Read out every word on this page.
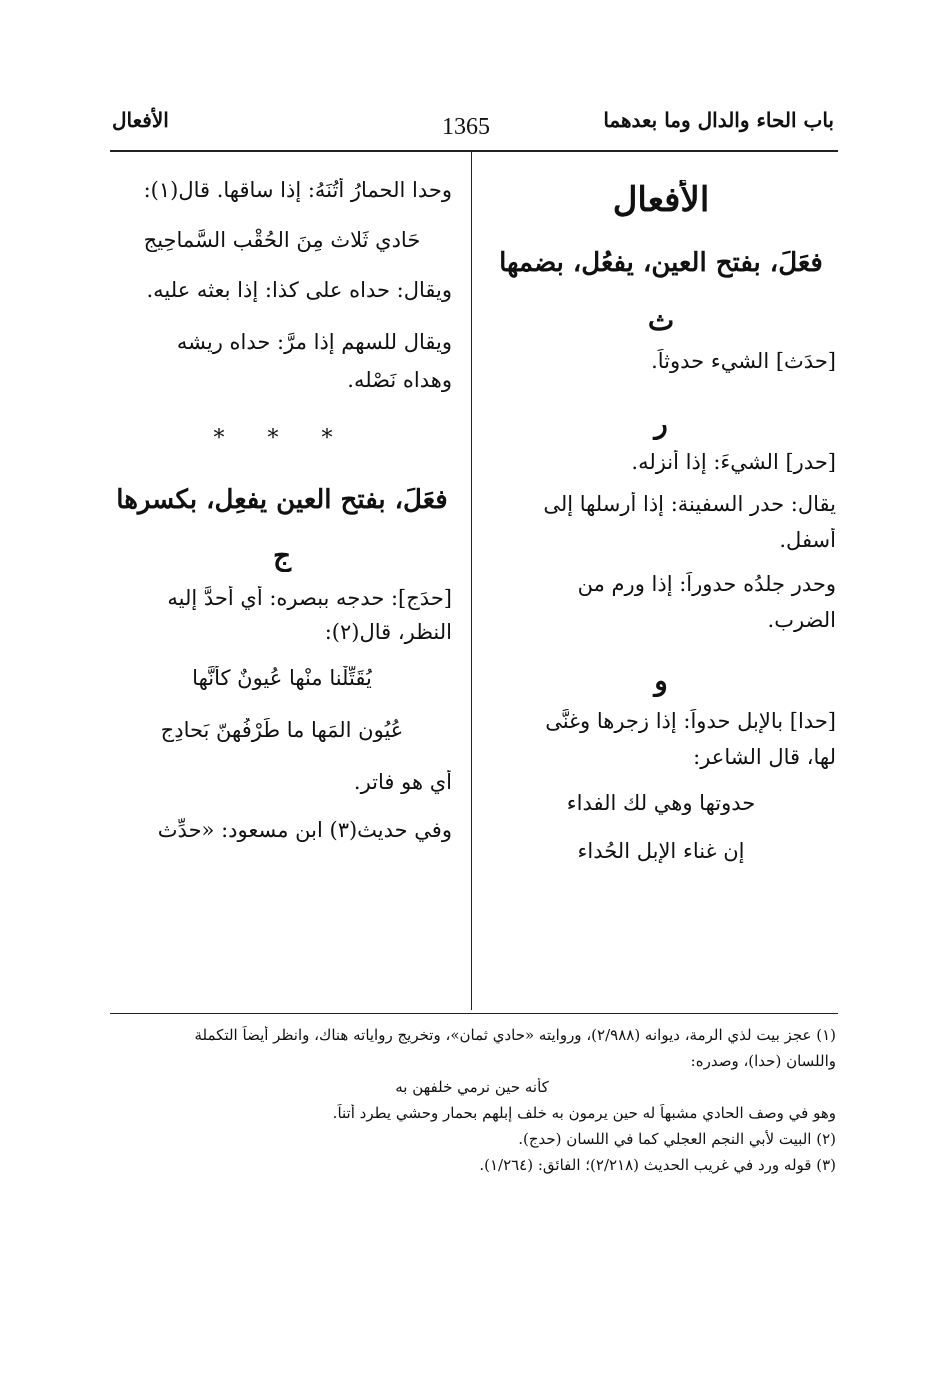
باب الحاء والدال وما بعدهما
1365
الأفعال
الأفعال
فعَلَ، بفتح العين، يفعُل، بضمها
ث
[حدَث] الشيء حدوثاً.
ر
[حدر] الشيءَ: إذا أنزله.
يقال: حدر السفينة: إذا أرسلها إلى
أسفل.
وحدر جلدُه حدوراً: إذا ورم من
الضرب.
و
[حدا] بالإبل حدواً: إذا زجرها وغنَّى
لها، قال الشاعر:
حدوتها وهي لك الفداء
إن غناء الإبل الحُداء
وحدا الحمارُ أُتُنَهُ: إذا ساقها. قال(١):
حَادي ثَلاث مِنَ الحُقْب السَّماحِيج
ويقال: حداه على كذا: إذا بعثه عليه.
ويقال للسهم إذا مرَّ: حداه ريشه
وهداه نَصْله.
* * *
فعَلَ، بفتح العين يفعِل، بكسرها
ج
[حدَج]: حدجه ببصره: أي أحدَّ إليه
النظر، قال(٢):
يُقَتِّلْنا منْها عُيونٌ كأنَّها
عُيُون المَها ما طَرْفُهنّ بَحادِجِ
أي هو فاتر.
وفي حديث(٣) ابن مسعود: «حدِّث
(١) عجز بيت لذي الرمة، ديوانه (٢/٩٨٨)، وروايته «حادي ثمان»، وتخريج رواياته هناك، وانظر أيضاً التكملة
واللسان (حدا)، وصدره:
كأنه حين نرمي خلفهن به
وهو في وصف الحادي مشبهاً له حين يرمون به خلف إبلهم بحمار وحشي يطرد أُتناً.
(٢) البيت لأبي النجم العجلي كما في اللسان (حدج).
(٣) قوله ورد في غريب الحديث (٢/٢١٨)؛ الفائق: (١/٢٦٤).
